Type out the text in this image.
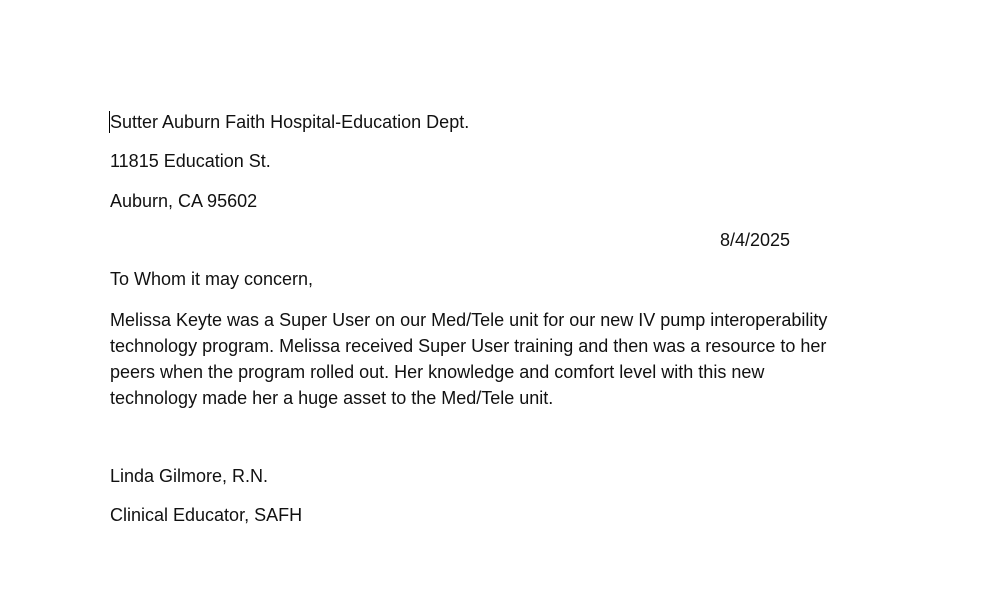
Sutter Auburn Faith Hospital-Education Dept.
11815 Education St.
Auburn, CA 95602
8/4/2025
To Whom it may concern,
Melissa Keyte was a Super User on our Med/Tele unit for our new IV pump interoperability
technology program. Melissa received Super User training and then was a resource to her
peers when the program rolled out. Her knowledge and comfort level with this new
technology made her a huge asset to the Med/Tele unit.
Linda Gilmore, R.N.
Clinical Educator, SAFH
